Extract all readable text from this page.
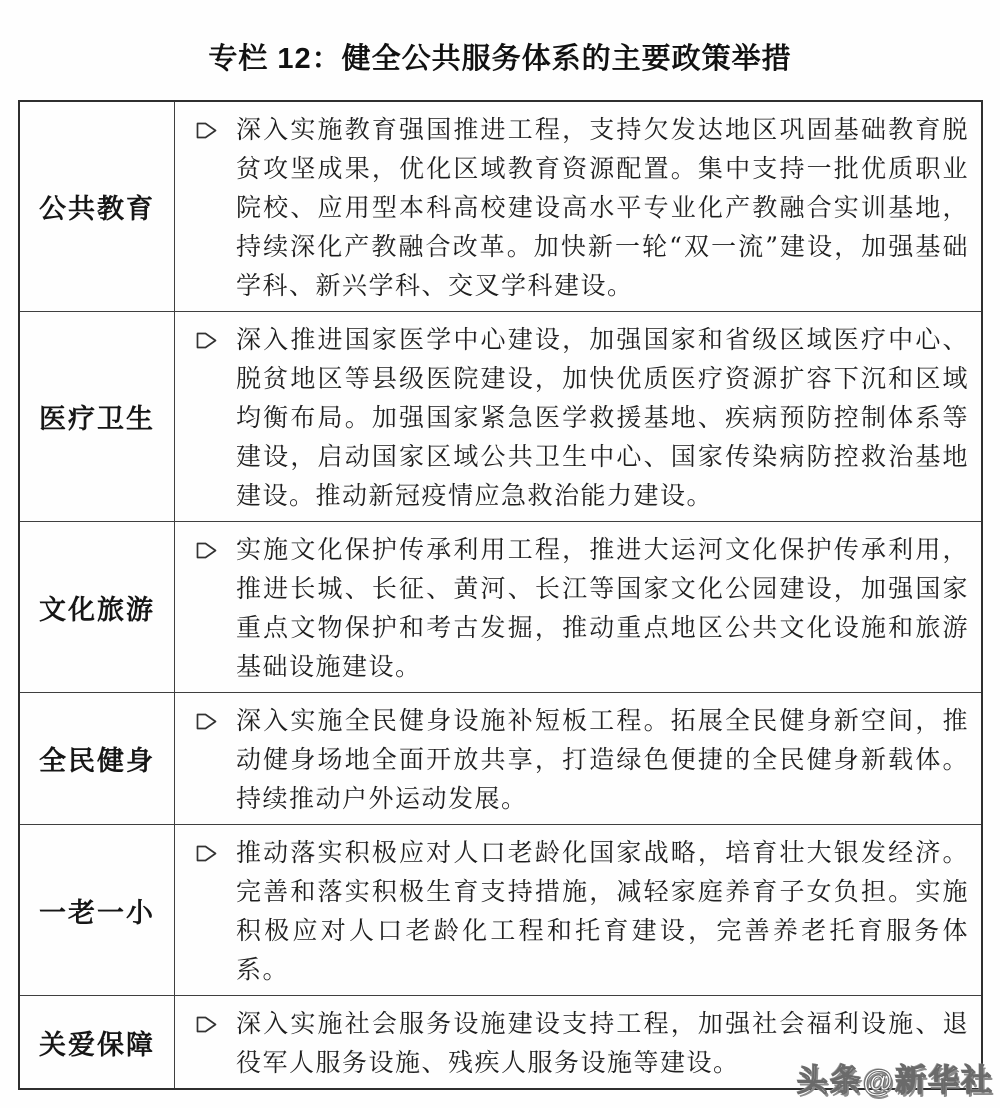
专栏 12：健全公共服务体系的主要政策举措
公共教育

深入实施教育强国推进工程，支持欠发达地区巩固基础教育脱贫攻坚成果，优化区域教育资源配置。集中支持一批优质职业院校、应用型本科高校建设高水平专业化产教融合实训基地，持续深化产教融合改革。加快新一轮“双一流”建设，加强基础学科、新兴学科、交叉学科建设。

医疗卫生

深入推进国家医学中心建设，加强国家和省级区域医疗中心、脱贫地区等县级医院建设，加快优质医疗资源扩容下沉和区域均衡布局。加强国家紧急医学救援基地、疾病预防控制体系等建设，启动国家区域公共卫生中心、国家传染病防控救治基地建设。推动新冠疫情应急救治能力建设。

文化旅游

实施文化保护传承利用工程，推进大运河文化保护传承利用，推进长城、长征、黄河、长江等国家文化公园建设，加强国家重点文物保护和考古发掘，推动重点地区公共文化设施和旅游基础设施建设。

全民健身

深入实施全民健身设施补短板工程。拓展全民健身新空间，推动健身场地全面开放共享，打造绿色便捷的全民健身新载体。持续推动户外运动发展。

一老一小

推动落实积极应对人口老龄化国家战略，培育壮大银发经济。完善和落实积极生育支持措施，减轻家庭养育子女负担。实施积极应对人口老龄化工程和托育建设，完善养老托育服务体系。

关爱保障

深入实施社会服务设施建设支持工程，加强社会福利设施、退役军人服务设施、残疾人服务设施等建设。

头条@新华社
